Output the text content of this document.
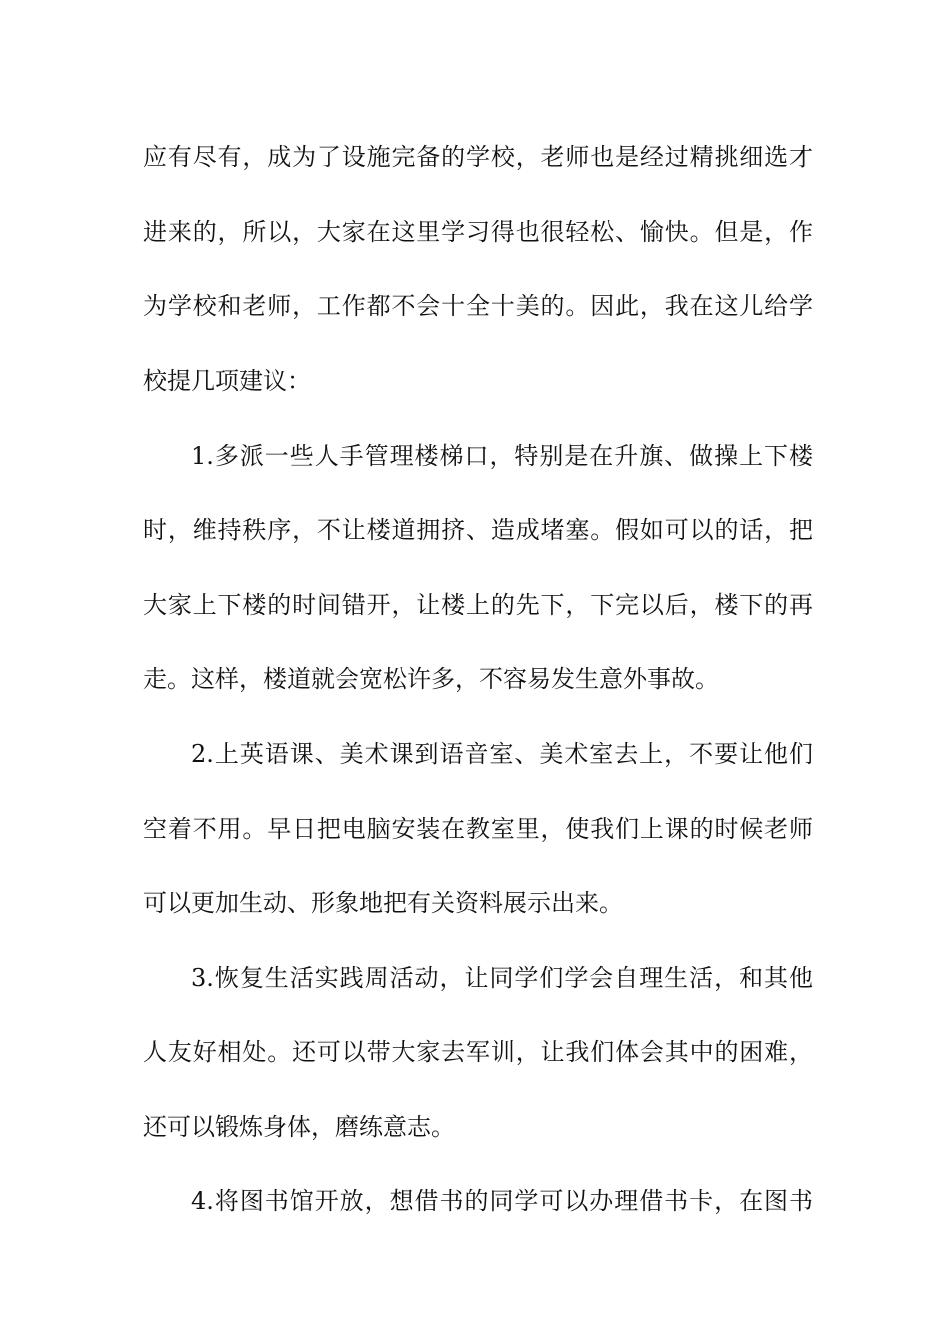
应有尽有，成为了设施完备的学校，老师也是经过精挑细选才
进来的，所以，大家在这里学习得也很轻松、愉快。但是，作
为学校和老师，工作都不会十全十美的。因此，我在这儿给学
校提几项建议：
1.多派一些人手管理楼梯口，特别是在升旗、做操上下楼
时，维持秩序，不让楼道拥挤、造成堵塞。假如可以的话，把
大家上下楼的时间错开，让楼上的先下，下完以后，楼下的再
走。这样，楼道就会宽松许多，不容易发生意外事故。
2.上英语课、美术课到语音室、美术室去上，不要让他们
空着不用。早日把电脑安装在教室里，使我们上课的时候老师
可以更加生动、形象地把有关资料展示出来。
3.恢复生活实践周活动，让同学们学会自理生活，和其他
人友好相处。还可以带大家去军训，让我们体会其中的困难，
还可以锻炼身体，磨练意志。
4.将图书馆开放，想借书的同学可以办理借书卡，在图书
